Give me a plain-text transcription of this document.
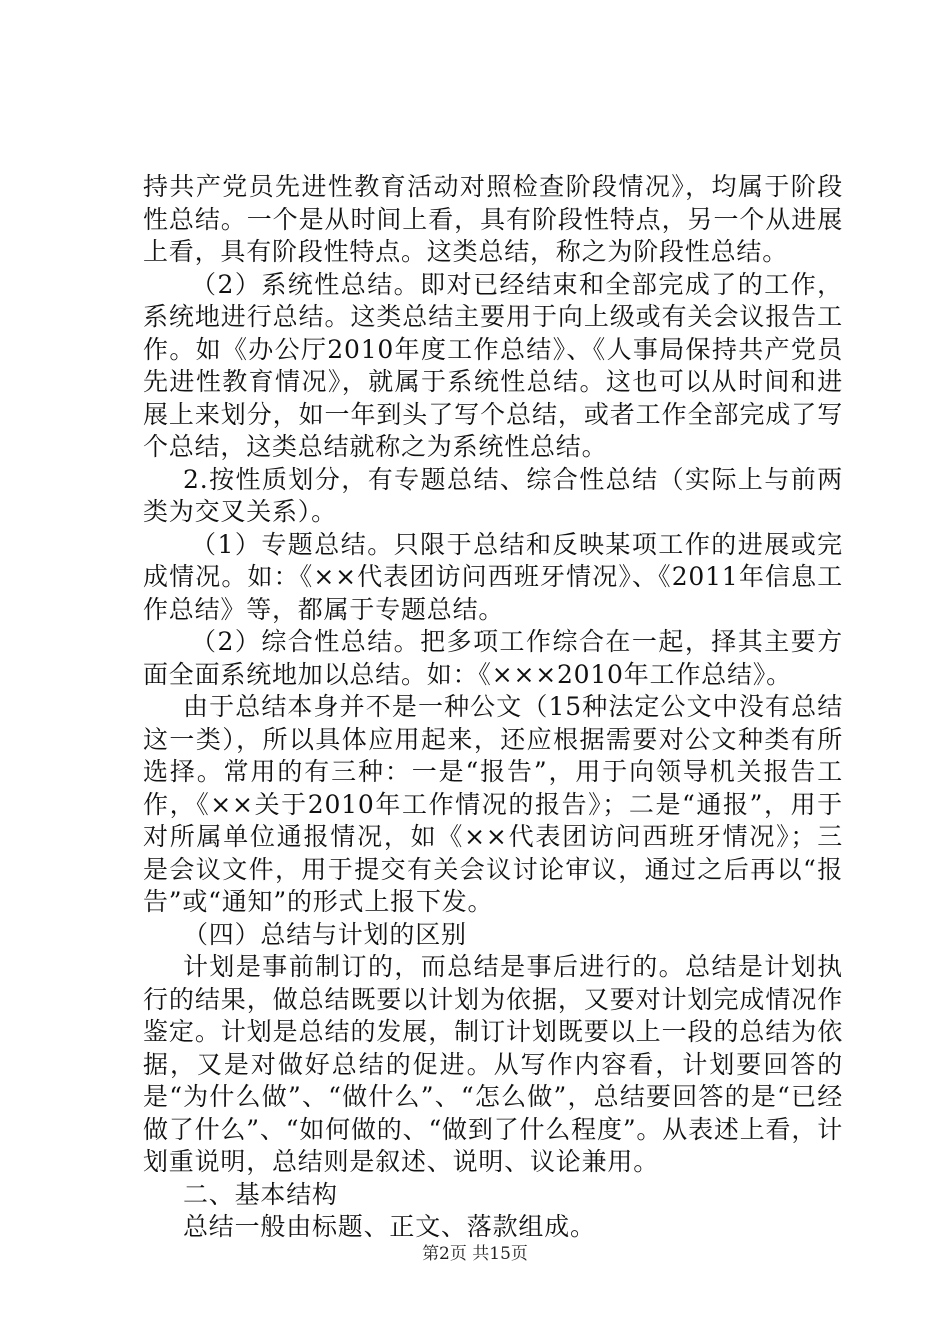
持共产党员先进性教育活动对照检查阶段情况》，均属于阶段性总结。一个是从时间上看，具有阶段性特点，另一个从进展上看，具有阶段性特点。这类总结，称之为阶段性总结。

（2）系统性总结。即对已经结束和全部完成了的工作，系统地进行总结。这类总结主要用于向上级或有关会议报告工作。如《办公厅2010年度工作总结》、《人事局保持共产党员先进性教育情况》，就属于系统性总结。这也可以从时间和进展上来划分，如一年到头了写个总结，或者工作全部完成了写个总结，这类总结就称之为系统性总结。

2.按性质划分，有专题总结、综合性总结（实际上与前两类为交叉关系）。

（1）专题总结。只限于总结和反映某项工作的进展或完成情况。如：《××代表团访问西班牙情况》、《2011年信息工作总结》等，都属于专题总结。

（2）综合性总结。把多项工作综合在一起，择其主要方面全面系统地加以总结。如：《×××2010年工作总结》。

由于总结本身并不是一种公文（15种法定公文中没有总结这一类），所以具体应用起来，还应根据需要对公文种类有所选择。常用的有三种：一是“报告”，用于向领导机关报告工作，《××关于2010年工作情况的报告》；二是“通报”，用于对所属单位通报情况，如《××代表团访问西班牙情况》；三是会议文件，用于提交有关会议讨论审议，通过之后再以“报告”或“通知”的形式上报下发。

（四）总结与计划的区别

计划是事前制订的，而总结是事后进行的。总结是计划执行的结果，做总结既要以计划为依据，又要对计划完成情况作鉴定。计划是总结的发展，制订计划既要以上一段的总结为依据，又是对做好总结的促进。从写作内容看，计划要回答的是“为什么做”、“做什么”、“怎么做”，总结要回答的是“已经做了什么”、“如何做的、“做到了什么程度”。从表述上看，计划重说明，总结则是叙述、说明、议论兼用。

二、基本结构

总结一般由标题、正文、落款组成。

第2页 共15页
